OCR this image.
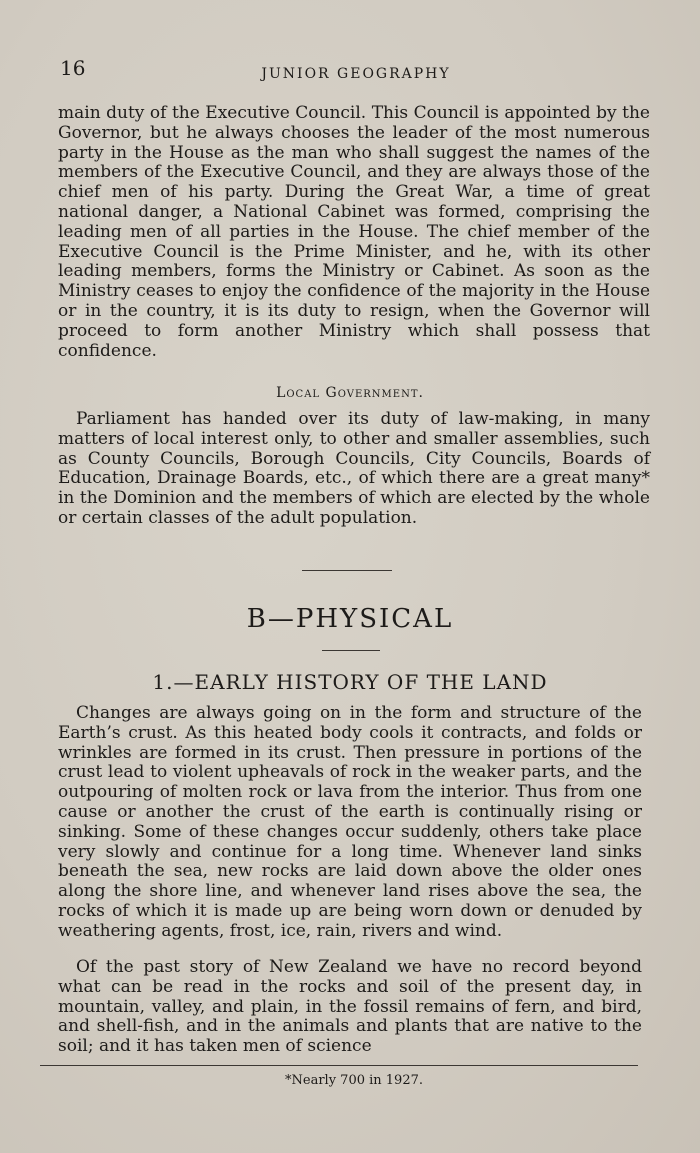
16	JUNIOR GEOGRAPHY

main duty of the Executive Council. This Council is appointed by the Governor, but he always chooses the leader of the most numerous party in the House as the man who shall suggest the names of the members of the Executive Council, and they are always those of the chief men of his party. During the Great War, a time of great national danger, a National Cabinet was formed, comprising the leading men of all parties in the House. The chief member of the Executive Council is the Prime Minister, and he, with its other leading members, forms the Ministry or Cabinet. As soon as the Ministry ceases to enjoy the confidence of the majority in the House or in the country, it is its duty to resign, when the Governor will proceed to form another Ministry which shall possess that confidence.

Local Government.

Parliament has handed over its duty of law-making, in many matters of local interest only, to other and smaller assemblies, such as County Councils, Borough Councils, City Councils, Boards of Education, Drainage Boards, etc., of which there are a great many* in the Dominion and the members of which are elected by the whole or certain classes of the adult population.

B—PHYSICAL
1.—EARLY HISTORY OF THE LAND

Changes are always going on in the form and structure of the Earth’s crust. As this heated body cools it contracts, and folds or wrinkles are formed in its crust. Then pressure in portions of the crust lead to violent upheavals of rock in the weaker parts, and the outpouring of molten rock or lava from the interior. Thus from one cause or another the crust of the earth is continually rising or sinking. Some of these changes occur suddenly, others take place very slowly and continue for a long time. Whenever land sinks beneath the sea, new rocks are laid down above the older ones along the shore line, and whenever land rises above the sea, the rocks of which it is made up are being worn down or denuded by weathering agents, frost, ice, rain, rivers and wind.

Of the past story of New Zealand we have no record beyond what can be read in the rocks and soil of the present day, in mountain, valley, and plain, in the fossil remains of fern, and bird, and shell-fish, and in the animals and plants that are native to the soil; and it has taken men of science

*Nearly 700 in 1927.
